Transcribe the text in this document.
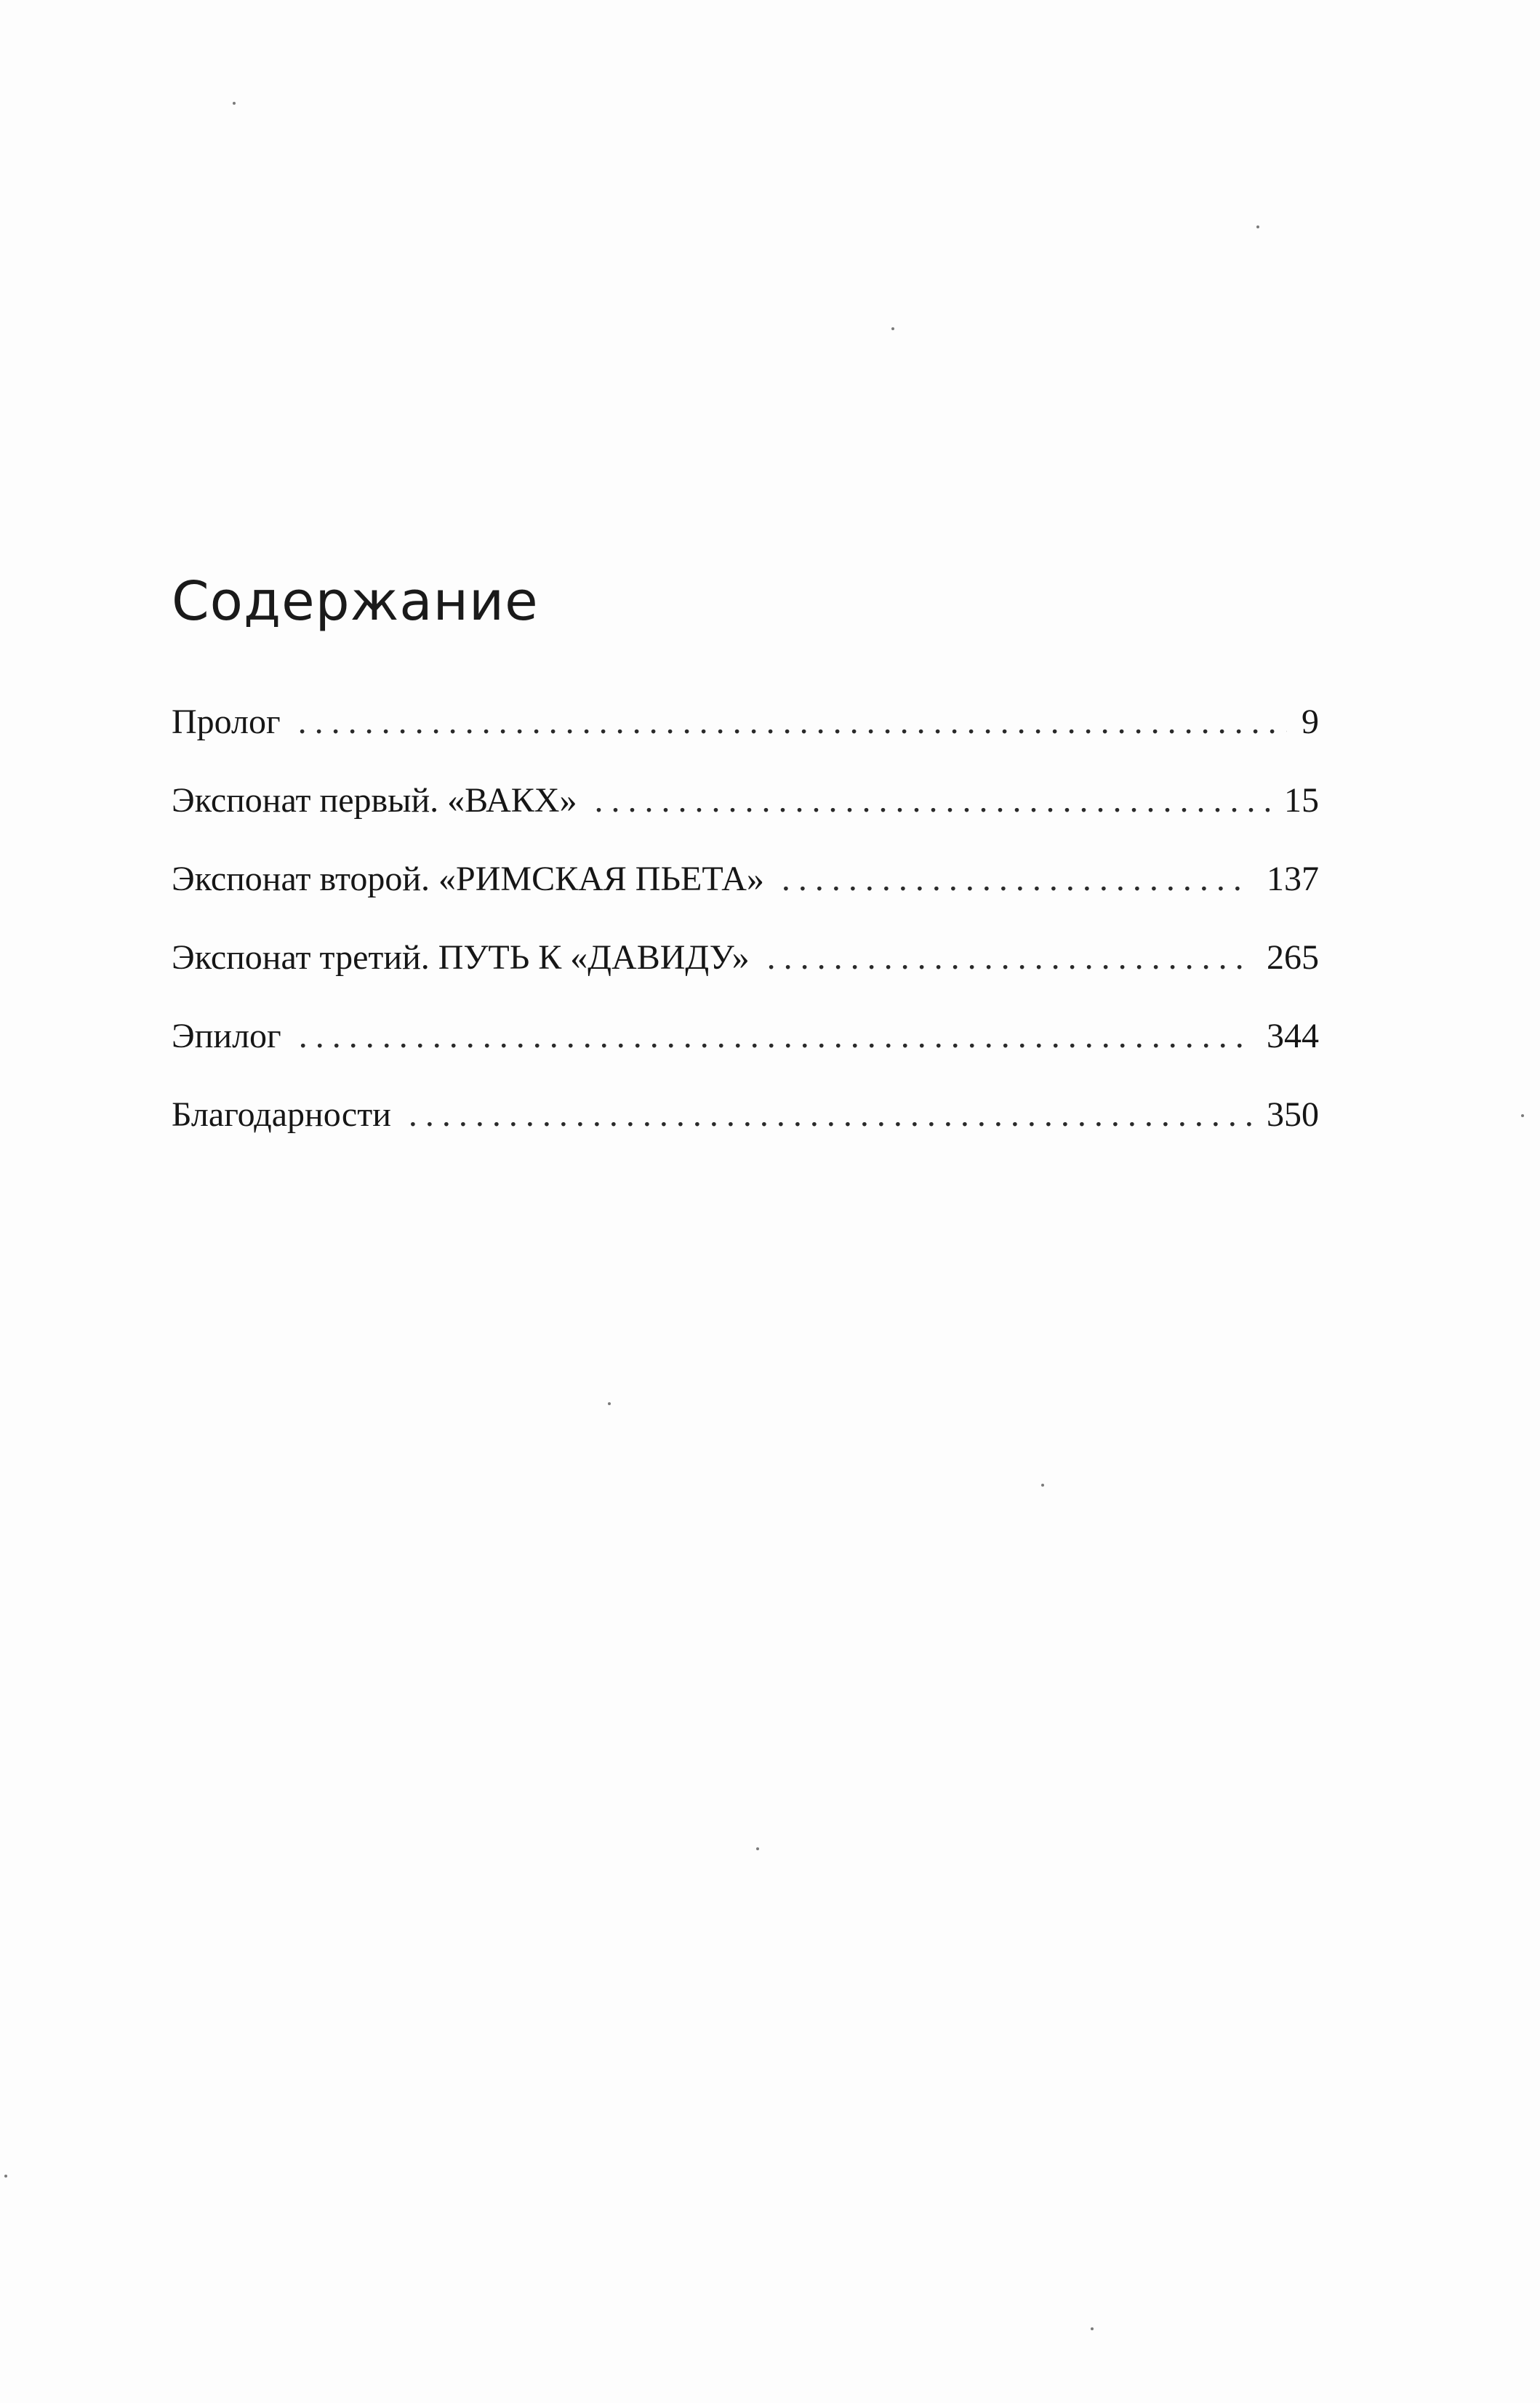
Содержание
Пролог .....	9
Экспонат первый. «ВАКХ» .....	15
Экспонат второй. «РИМСКАЯ ПЬЕТА» .....	137
Экспонат третий. ПУТЬ К «ДАВИДУ» .....	265
Эпилог .....	344
Благодарности .....	350
